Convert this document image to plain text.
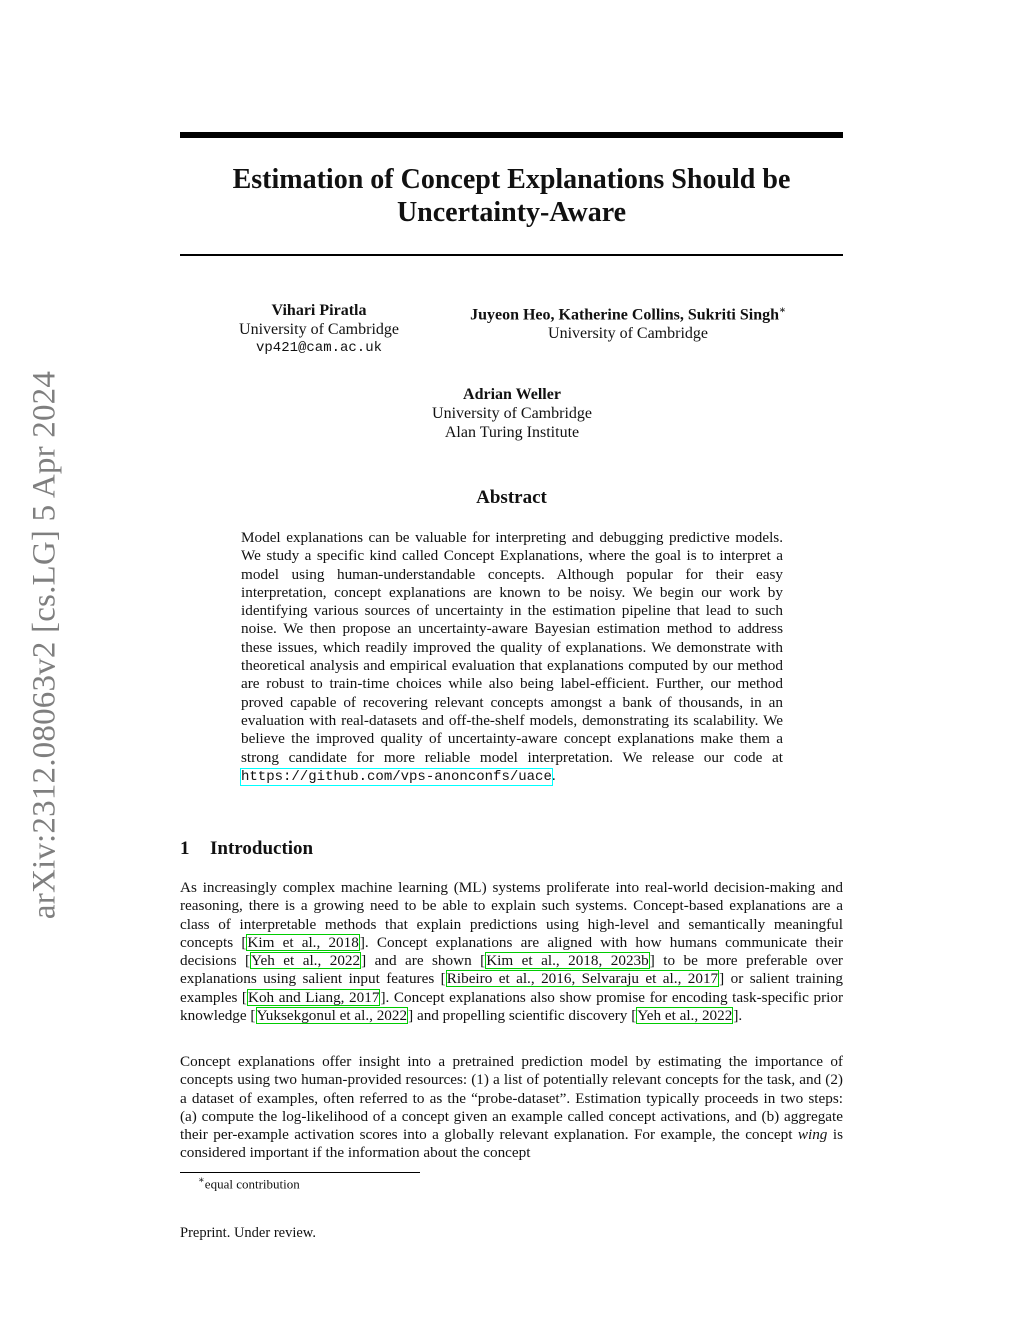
arXiv:2312.08063v2 [cs.LG] 5 Apr 2024
Estimation of Concept Explanations Should be
Uncertainty-Aware
Vihari Piratla
University of Cambridge
vp421@cam.ac.uk
Juyeon Heo, Katherine Collins, Sukriti Singh∗
University of Cambridge
Adrian Weller
University of Cambridge
Alan Turing Institute
Abstract

Model explanations can be valuable for interpreting and debugging predictive models. We study a specific kind called Concept Explanations, where the goal is to interpret a model using human-understandable concepts. Although popular for their easy interpretation, concept explanations are known to be noisy. We begin our work by identifying various sources of uncertainty in the estimation pipeline that lead to such noise. We then propose an uncertainty-aware Bayesian estimation method to address these issues, which readily improved the quality of explanations. We demonstrate with theoretical analysis and empirical evaluation that explanations computed by our method are robust to train-time choices while also being label-efficient. Further, our method proved capable of recovering relevant concepts amongst a bank of thousands, in an evaluation with real-datasets and off-the-shelf models, demonstrating its scalability. We believe the improved quality of uncertainty-aware concept explanations make them a strong candidate for more reliable model interpretation. We release our code at https://github.com/vps-anonconfs/uace.

1 Introduction

As increasingly complex machine learning (ML) systems proliferate into real-world decision-making and reasoning, there is a growing need to be able to explain such systems. Concept-based explanations are a class of interpretable methods that explain predictions using high-level and semantically meaningful concepts [Kim et al., 2018]. Concept explanations are aligned with how humans communicate their decisions [Yeh et al., 2022] and are shown [Kim et al., 2018, 2023b] to be more preferable over explanations using salient input features [Ribeiro et al., 2016, Selvaraju et al., 2017] or salient training examples [Koh and Liang, 2017]. Concept explanations also show promise for encoding task-specific prior knowledge [Yuksekgonul et al., 2022] and propelling scientific discovery [Yeh et al., 2022].

Concept explanations offer insight into a pretrained prediction model by estimating the importance of concepts using two human-provided resources: (1) a list of potentially relevant concepts for the task, and (2) a dataset of examples, often referred to as the “probe-dataset”. Estimation typically proceeds in two steps: (a) compute the log-likelihood of a concept given an example called concept activations, and (b) aggregate their per-example activation scores into a globally relevant explanation. For example, the concept wing is considered important if the information about the concept

∗equal contribution

Preprint. Under review.
